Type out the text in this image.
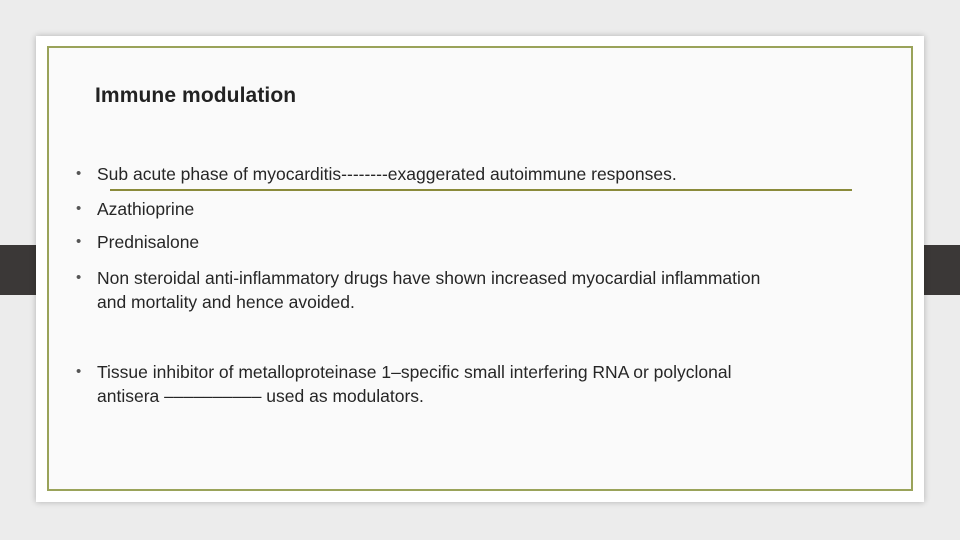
Immune modulation
• Sub acute phase of myocarditis--------exaggerated autoimmune responses.
• Azathioprine
• Prednisalone
• Non steroidal anti-inflammatory drugs have shown increased myocardial inflammation
and mortality and hence avoided.
• Tissue inhibitor of metalloproteinase 1–specific small interfering RNA or polyclonal
antisera –––––––––– used as modulators.
